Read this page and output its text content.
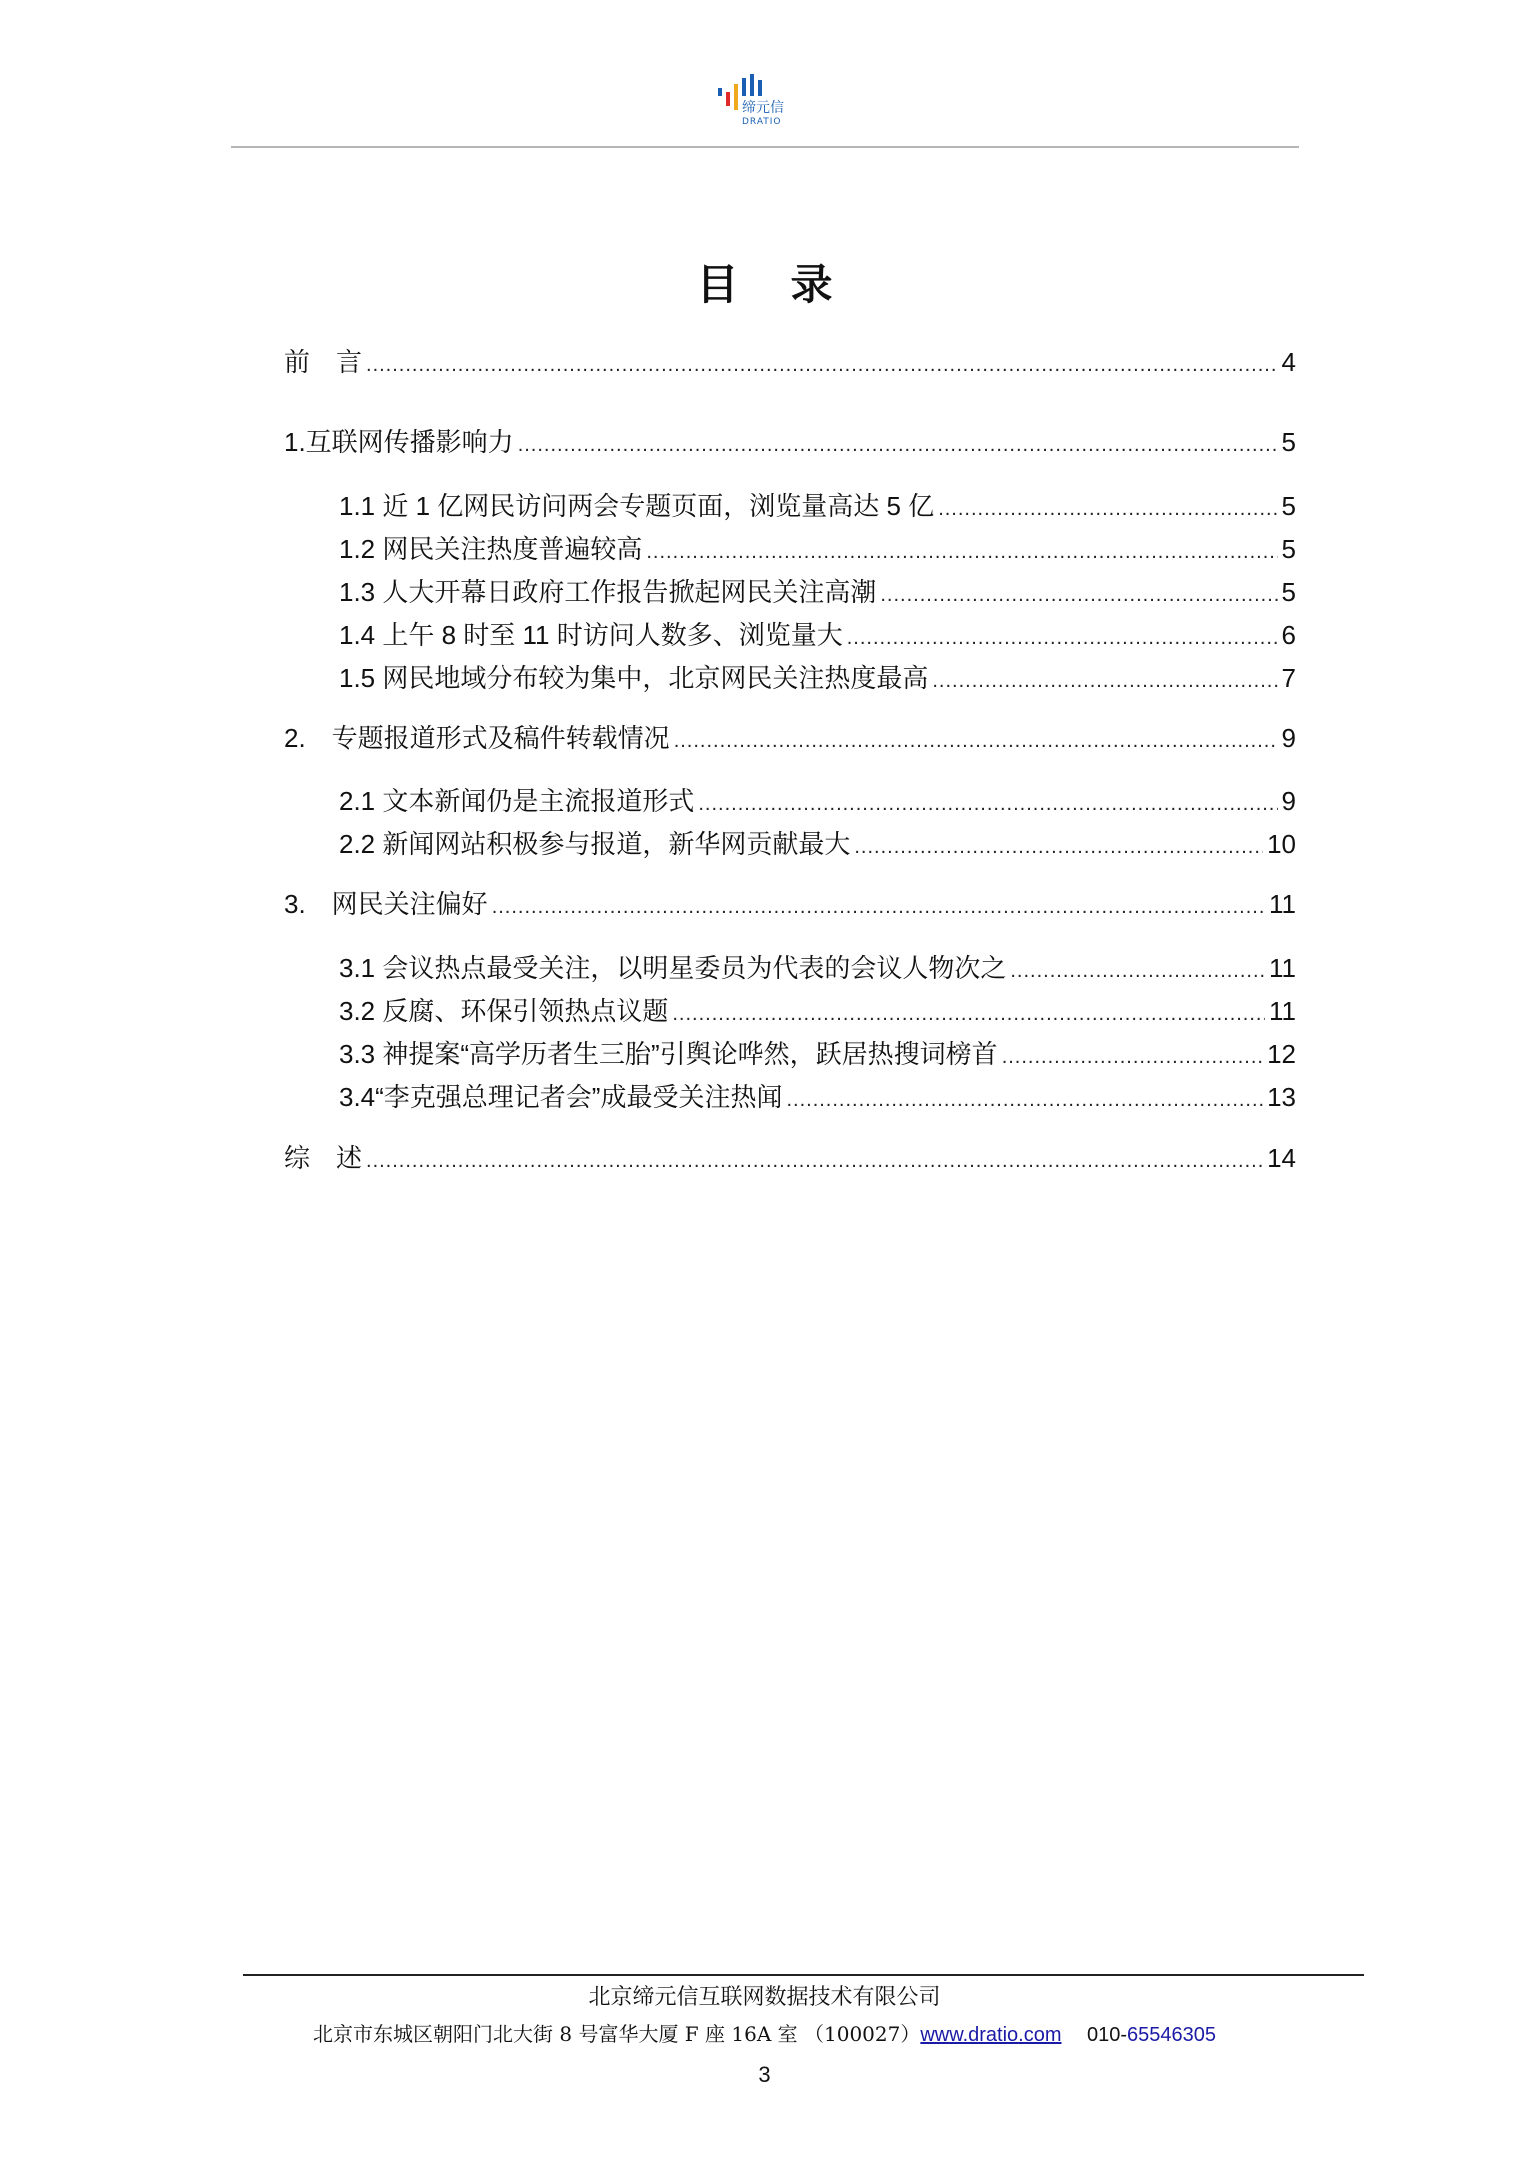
缔元信
DRATIO
目录
前　言 .....	4
1.互联网传播影响力 .....	5
1.1 近 1 亿网民访问两会专题页面，浏览量高达 5 亿 .....	5
1.2 网民关注热度普遍较高 .....	5
1.3 人大开幕日政府工作报告掀起网民关注高潮 .....	5
1.4 上午 8 时至 11 时访问人数多、浏览量大 .....	6
1.5 网民地域分布较为集中，北京网民关注热度最高 .....	7
2.　专题报道形式及稿件转载情况 .....	9
2.1 文本新闻仍是主流报道形式 .....	9
2.2 新闻网站积极参与报道，新华网贡献最大 .....	10
3.　网民关注偏好 .....	11
3.1 会议热点最受关注，以明星委员为代表的会议人物次之 .....	11
3.2 反腐、环保引领热点议题 .....	11
3.3 神提案“高学历者生三胎”引舆论哗然，跃居热搜词榜首 .....	12
3.4“李克强总理记者会”成最受关注热闻 .....	13
综　述 .....	14
北京缔元信互联网数据技术有限公司
北京市东城区朝阳门北大街 8 号富华大厦 F 座 16A 室 （100027）www.dratio.com 010-65546305
3
